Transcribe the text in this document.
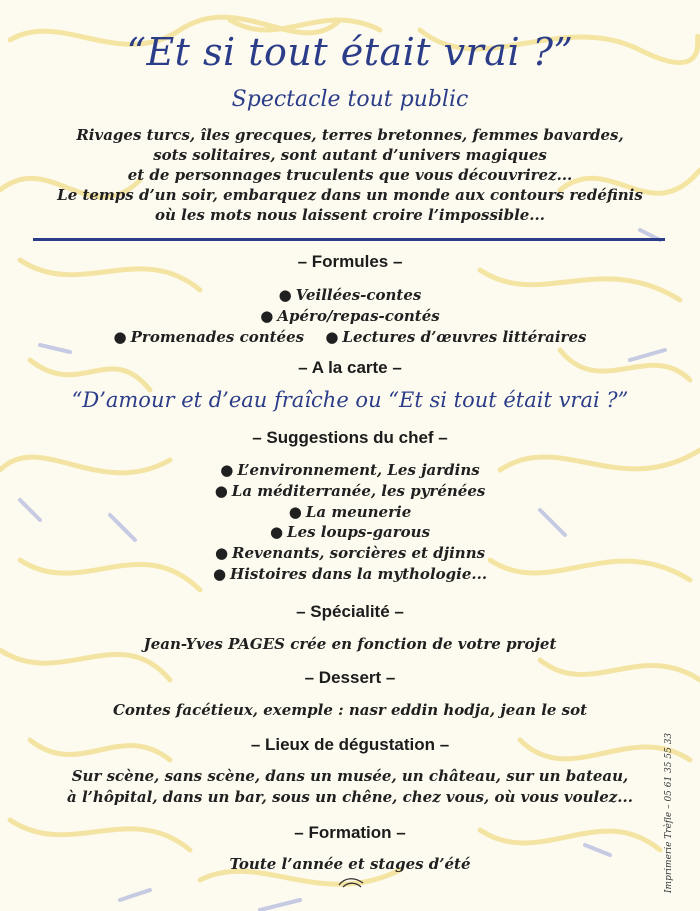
“Et si tout était vrai ?”
Spectacle tout public
Rivages turcs, îles grecques, terres bretonnes, femmes bavardes,
sots solitaires, sont autant d’univers magiques
et de personnages truculents que vous découvrirez...
Le temps d’un soir, embarquez dans un monde aux contours redéfinis
où les mots nous laissent croire l’impossible...
– Formules –
● Veillées-contes
● Apéro/repas-contés
● Promenades contées ● Lectures d’œuvres littéraires
– A la carte –
“D’amour et d’eau fraîche ou “Et si tout était vrai ?”
– Suggestions du chef –
● L’environnement, Les jardins
● La méditerranée, les pyrénées
● La meunerie
● Les loups-garous
● Revenants, sorcières et djinns
● Histoires dans la mythologie...
– Spécialité –
Jean-Yves PAGES crée en fonction de votre projet
– Dessert –
Contes facétieux, exemple : nasr eddin hodja, jean le sot
– Lieux de dégustation –
Sur scène, sans scène, dans un musée, un château, sur un bateau,
à l’hôpital, dans un bar, sous un chêne, chez vous, où vous voulez...
– Formation –
Toute l’année et stages d’été	Imprimerie Trèfle – 05 61 35 55 33
